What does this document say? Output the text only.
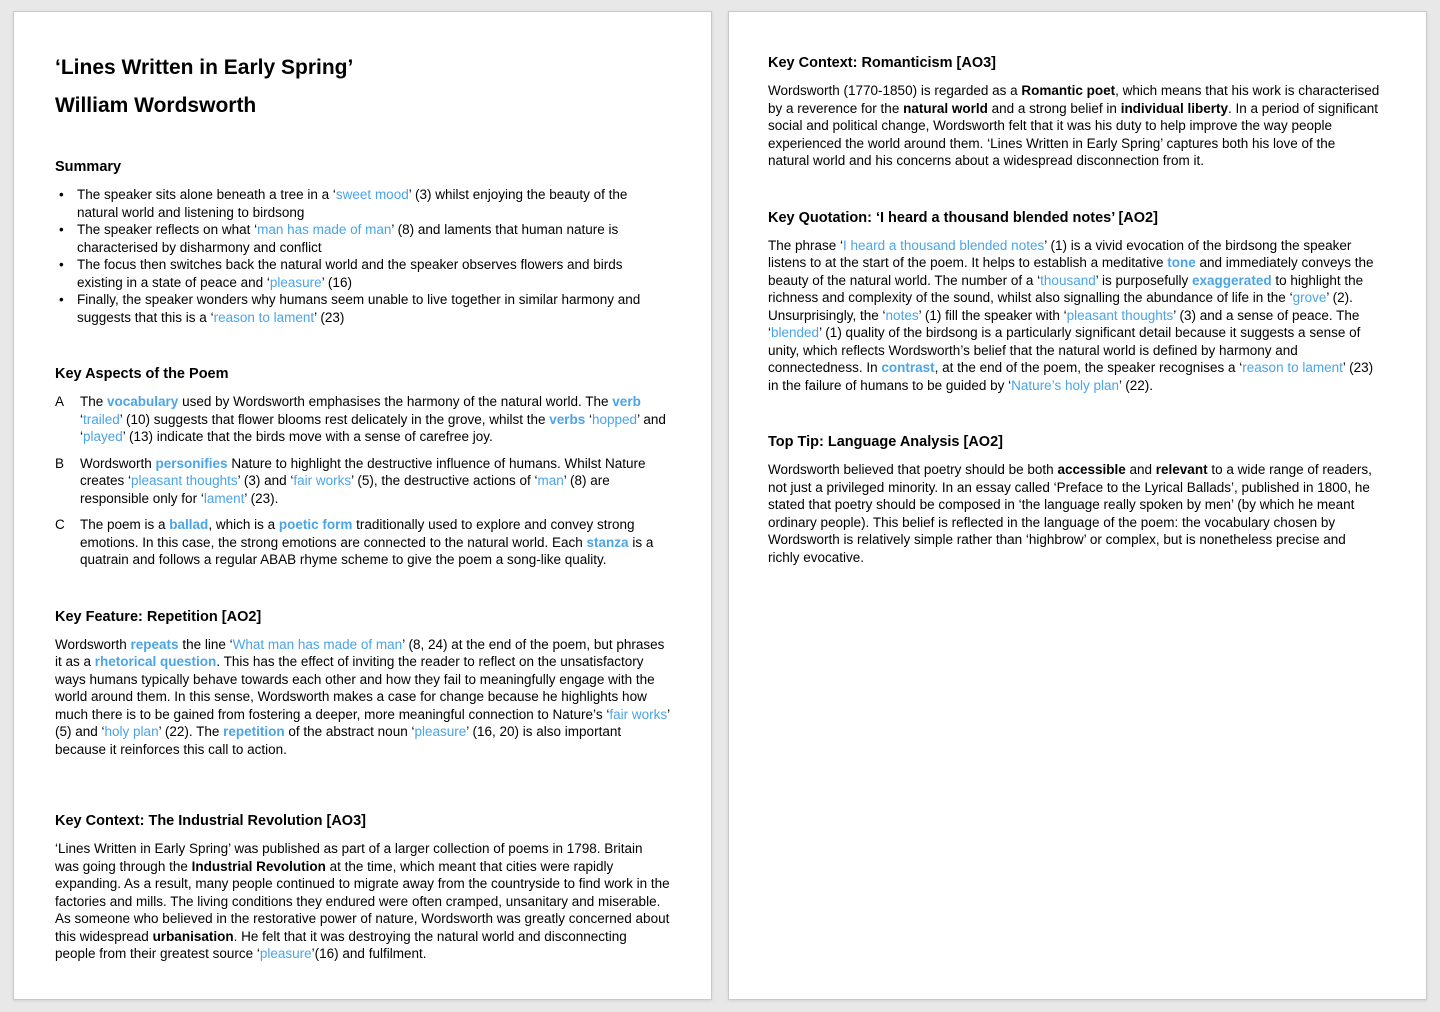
‘Lines Written in Early Spring’
William Wordsworth
Summary
• The speaker sits alone beneath a tree in a ‘sweet mood’ (3) whilst enjoying the beauty of the natural world and listening to birdsong
• The speaker reflects on what ‘man has made of man’ (8) and laments that human nature is characterised by disharmony and conflict
• The focus then switches back the natural world and the speaker observes flowers and birds existing in a state of peace and ‘pleasure’ (16)
• Finally, the speaker wonders why humans seem unable to live together in similar harmony and suggests that this is a ‘reason to lament’ (23)
Key Aspects of the Poem
A	The vocabulary used by Wordsworth emphasises the harmony of the natural world. The verb ‘trailed’ (10) suggests that flower blooms rest delicately in the grove, whilst the verbs ‘hopped’ and ‘played’ (13) indicate that the birds move with a sense of carefree joy.
B	Wordsworth personifies Nature to highlight the destructive influence of humans. Whilst Nature creates ‘pleasant thoughts’ (3) and ‘fair works’ (5), the destructive actions of ‘man’ (8) are responsible only for ‘lament’ (23).
C	The poem is a ballad, which is a poetic form traditionally used to explore and convey strong emotions. In this case, the strong emotions are connected to the natural world. Each stanza is a quatrain and follows a regular ABAB rhyme scheme to give the poem a song-like quality.
Key Feature: Repetition [AO2]

Wordsworth repeats the line ‘What man has made of man’ (8, 24) at the end of the poem, but phrases it as a rhetorical question. This has the effect of inviting the reader to reflect on the unsatisfactory ways humans typically behave towards each other and how they fail to meaningfully engage with the world around them. In this sense, Wordsworth makes a case for change because he highlights how much there is to be gained from fostering a deeper, more meaningful connection to Nature’s ‘fair works’ (5) and ‘holy plan’ (22). The repetition of the abstract noun ‘pleasure’ (16, 20) is also important because it reinforces this call to action.

Key Context: The Industrial Revolution [AO3]

‘Lines Written in Early Spring’ was published as part of a larger collection of poems in 1798. Britain was going through the Industrial Revolution at the time, which meant that cities were rapidly expanding. As a result, many people continued to migrate away from the countryside to find work in the factories and mills. The living conditions they endured were often cramped, unsanitary and miserable. As someone who believed in the restorative power of nature, Wordsworth was greatly concerned about this widespread urbanisation. He felt that it was destroying the natural world and disconnecting people from their greatest source ‘pleasure’(16) and fulfilment.

Key Context: Romanticism [AO3]

Wordsworth (1770-1850) is regarded as a Romantic poet, which means that his work is characterised by a reverence for the natural world and a strong belief in individual liberty. In a period of significant social and political change, Wordsworth felt that it was his duty to help improve the way people experienced the world around them. ‘Lines Written in Early Spring’ captures both his love of the natural world and his concerns about a widespread disconnection from it.

Key Quotation: ‘I heard a thousand blended notes’ [AO2]

The phrase ‘I heard a thousand blended notes’ (1) is a vivid evocation of the birdsong the speaker listens to at the start of the poem. It helps to establish a meditative tone and immediately conveys the beauty of the natural world. The number of a ‘thousand’ is purposefully exaggerated to highlight the richness and complexity of the sound, whilst also signalling the abundance of life in the ‘grove’ (2). Unsurprisingly, the ‘notes’ (1) fill the speaker with ‘pleasant thoughts’ (3) and a sense of peace. The ‘blended’ (1) quality of the birdsong is a particularly significant detail because it suggests a sense of unity, which reflects Wordsworth’s belief that the natural world is defined by harmony and connectedness. In contrast, at the end of the poem, the speaker recognises a ‘reason to lament’ (23) in the failure of humans to be guided by ‘Nature’s holy plan’ (22).

Top Tip: Language Analysis [AO2]

Wordsworth believed that poetry should be both accessible and relevant to a wide range of readers, not just a privileged minority. In an essay called ‘Preface to the Lyrical Ballads’, published in 1800, he stated that poetry should be composed in ‘the language really spoken by men’ (by which he meant ordinary people). This belief is reflected in the language of the poem: the vocabulary chosen by Wordsworth is relatively simple rather than ‘highbrow’ or complex, but is nonetheless precise and richly evocative.
